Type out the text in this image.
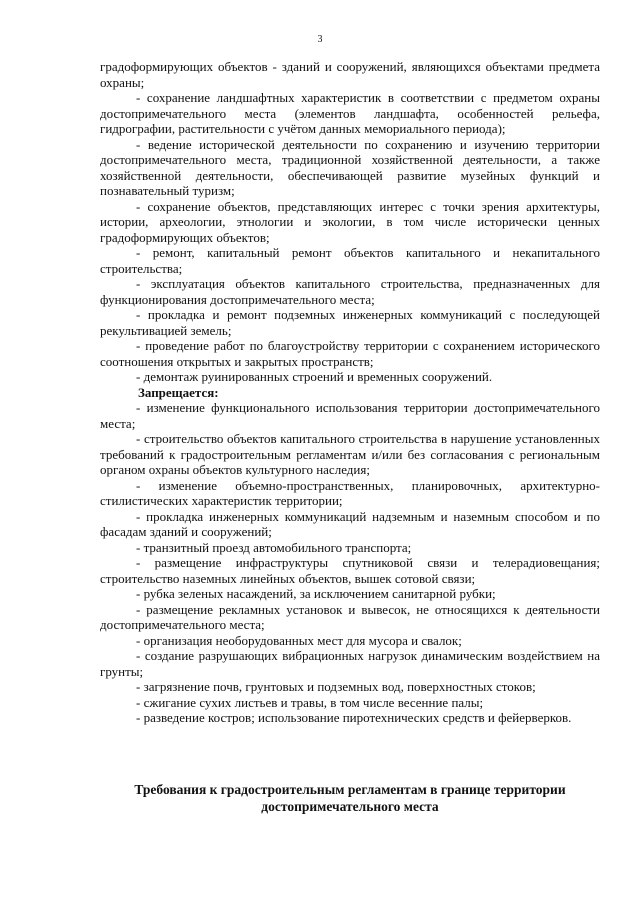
3

градоформирующих объектов - зданий и сооружений, являющихся объектами предмета охраны;

- сохранение ландшафтных характеристик в соответствии с предметом охраны достопримечательного места (элементов ландшафта, особенностей рельефа, гидрографии, растительности с учётом данных мемориального периода);

- ведение исторической деятельности по сохранению и изучению территории достопримечательного места, традиционной хозяйственной деятельности, а также хозяйственной деятельности, обеспечивающей развитие музейных функций и познавательный туризм;

- сохранение объектов, представляющих интерес с точки зрения архитектуры, истории, археологии, этнологии и экологии, в том числе исторически ценных градоформирующих объектов;

- ремонт, капитальный ремонт объектов капитального и некапитального строительства;

- эксплуатация объектов капитального строительства, предназначенных для функционирования достопримечательного места;

- прокладка и ремонт подземных инженерных коммуникаций с последующей рекультивацией земель;

- проведение работ по благоустройству территории с сохранением исторического соотношения открытых и закрытых пространств;

- демонтаж руинированных строений и временных сооружений.

Запрещается:

- изменение функционального использования территории достопримечательного места;

- строительство объектов капитального строительства в нарушение установленных требований к градостроительным регламентам и/или без согласования с региональным органом охраны объектов культурного наследия;

- изменение объемно-пространственных, планировочных, архитектурно-стилистических характеристик территории;

- прокладка инженерных коммуникаций надземным и наземным способом и по фасадам зданий и сооружений;

- транзитный проезд автомобильного транспорта;

- размещение инфраструктуры спутниковой связи и телерадиовещания; строительство наземных линейных объектов, вышек сотовой связи;

- рубка зеленых насаждений, за исключением санитарной рубки;

- размещение рекламных установок и вывесок, не относящихся к деятельности достопримечательного места;

- организация необорудованных мест для мусора и свалок;

- создание разрушающих вибрационных нагрузок динамическим воздействием на грунты;

- загрязнение почв, грунтовых и подземных вод, поверхностных стоков;

- сжигание сухих листьев и травы, в том числе весенние палы;

- разведение костров; использование пиротехнических средств и фейерверков.

Требования к градостроительным регламентам в границе территории достопримечательного места
